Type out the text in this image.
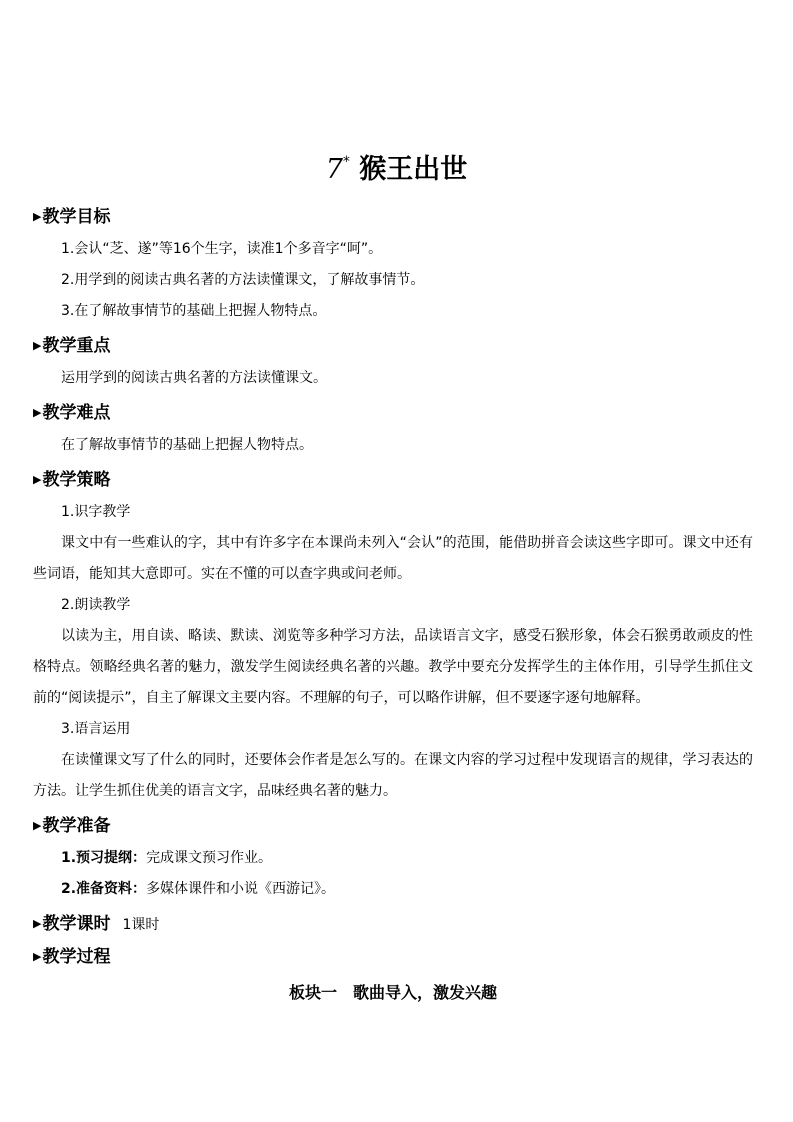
7* 猴王出世
▶教学目标

1.会认“芝、遂”等16个生字，读准1个多音字“呵”。

2.用学到的阅读古典名著的方法读懂课文，了解故事情节。

3.在了解故事情节的基础上把握人物特点。

▶教学重点

运用学到的阅读古典名著的方法读懂课文。

▶教学难点

在了解故事情节的基础上把握人物特点。

▶教学策略

1.识字教学

课文中有一些难认的字，其中有许多字在本课尚未列入“会认”的范围，能借助拼音会读这些字即可。课文中还有些词语，能知其大意即可。实在不懂的可以查字典或问老师。

2.朗读教学

以读为主，用自读、略读、默读、浏览等多种学习方法，品读语言文字，感受石猴形象，体会石猴勇敢顽皮的性格特点。领略经典名著的魅力，激发学生阅读经典名著的兴趣。教学中要充分发挥学生的主体作用，引导学生抓住文前的“阅读提示”，自主了解课文主要内容。不理解的句子，可以略作讲解，但不要逐字逐句地解释。

3.语言运用

在读懂课文写了什么的同时，还要体会作者是怎么写的。在课文内容的学习过程中发现语言的规律，学习表达的方法。让学生抓住优美的语言文字，品味经典名著的魅力。

▶教学准备

1.预习提纲：完成课文预习作业。

2.准备资料：多媒体课件和小说《西游记》。

▶教学课时 1课时
▶教学过程
板块一　歌曲导入，激发兴趣
